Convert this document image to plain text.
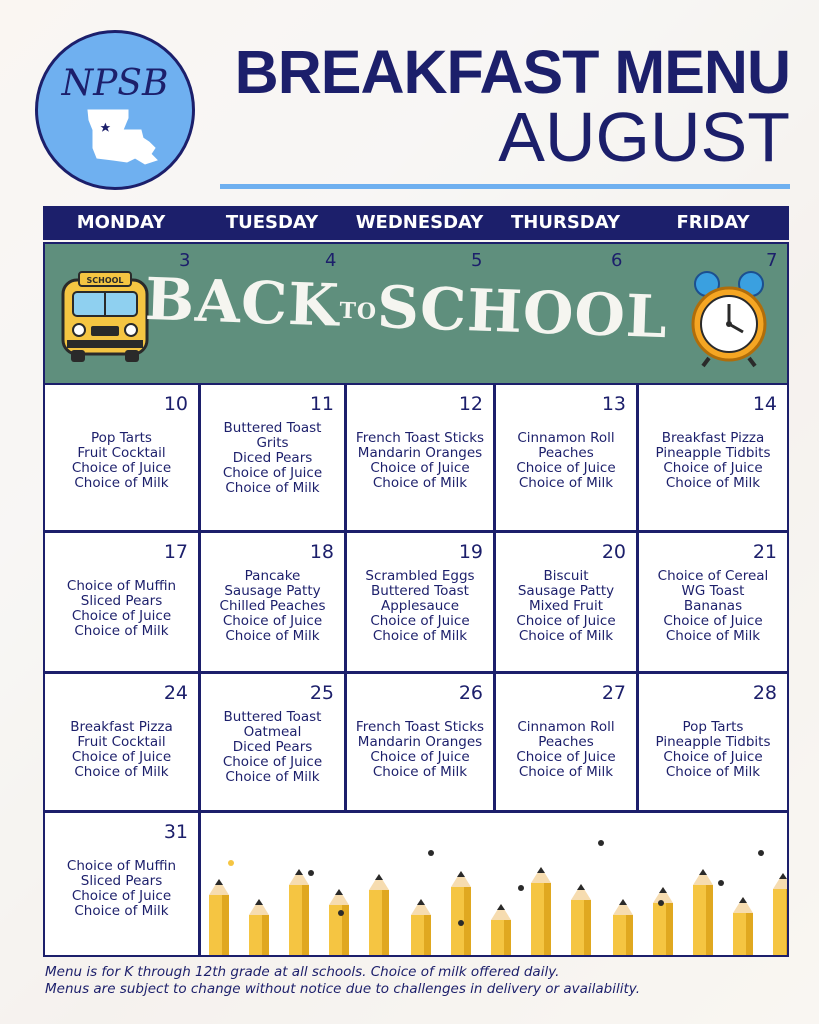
NPSB	BREAKFAST MENU
AUGUST
MONDAY	TUESDAY	WEDNESDAY	THURSDAY	FRIDAY
3	4	5	6	7
SCHOOL BACKTOSCHOOL
10
Pop Tarts
Fruit Cocktail
Choice of Juice
Choice of Milk
11
Buttered Toast
Grits
Diced Pears
Choice of Juice
Choice of Milk
12
French Toast Sticks
Mandarin Oranges
Choice of Juice
Choice of Milk
13
Cinnamon Roll
Peaches
Choice of Juice
Choice of Milk
14
Breakfast Pizza
Pineapple Tidbits
Choice of Juice
Choice of Milk
17
Choice of Muffin
Sliced Pears
Choice of Juice
Choice of Milk
18
Pancake
Sausage Patty
Chilled Peaches
Choice of Juice
Choice of Milk
19
Scrambled Eggs
Buttered Toast
Applesauce
Choice of Juice
Choice of Milk
20
Biscuit
Sausage Patty
Mixed Fruit
Choice of Juice
Choice of Milk
21
Choice of Cereal
WG Toast
Bananas
Choice of Juice
Choice of Milk
24
Breakfast Pizza
Fruit Cocktail
Choice of Juice
Choice of Milk
25
Buttered Toast
Oatmeal
Diced Pears
Choice of Juice
Choice of Milk
26
French Toast Sticks
Mandarin Oranges
Choice of Juice
Choice of Milk
27
Cinnamon Roll
Peaches
Choice of Juice
Choice of Milk
28
Pop Tarts
Pineapple Tidbits
Choice of Juice
Choice of Milk
31
Choice of Muffin
Sliced Pears
Choice of Juice
Choice of Milk
Menu is for K through 12th grade at all schools. Choice of milk offered daily.
Menus are subject to change without notice due to challenges in delivery or availability.
